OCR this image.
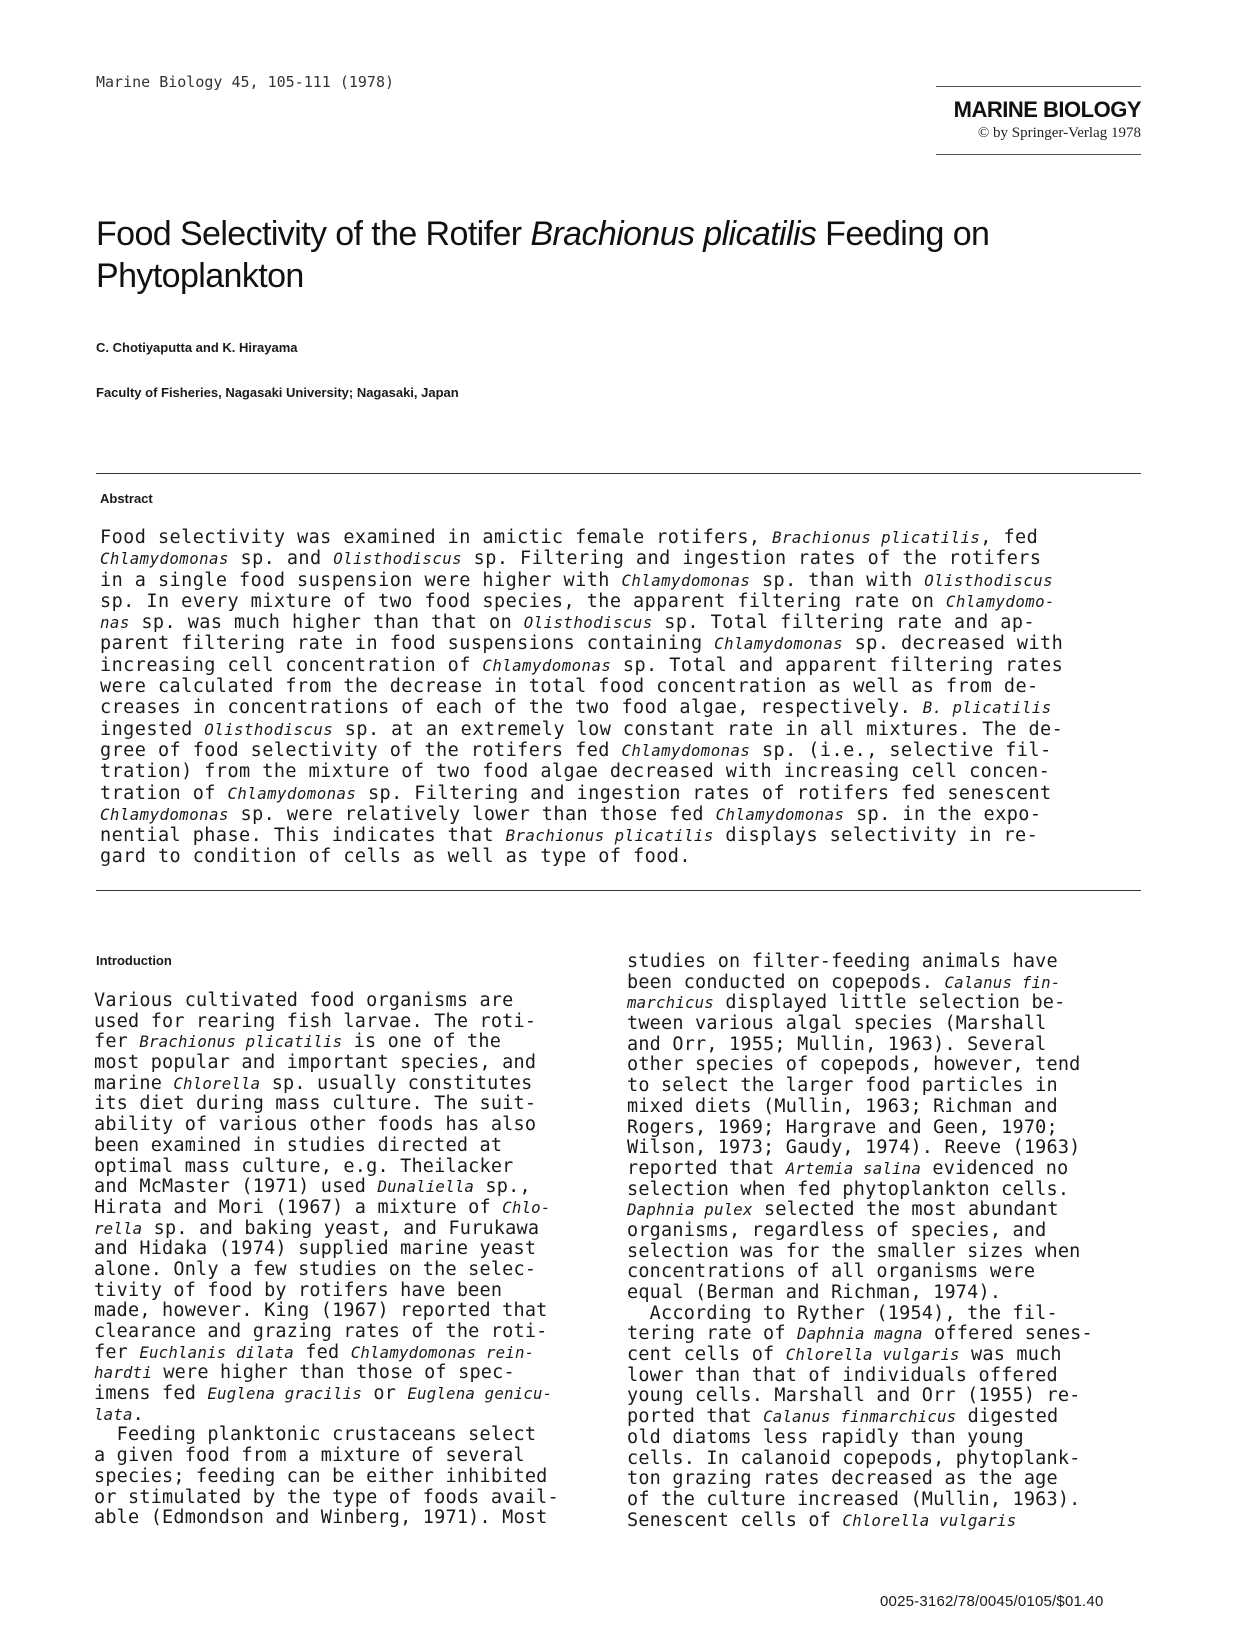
Marine Biology 45, 105-111 (1978)
MARINE BIOLOGY
© by Springer-Verlag 1978
Food Selectivity of the Rotifer Brachionus plicatilis Feeding on Phytoplankton
C. Chotiyaputta and K. Hirayama
Faculty of Fisheries, Nagasaki University; Nagasaki, Japan
Abstract
Food selectivity was examined in amictic female rotifers, Brachionus plicatilis, fed
Chlamydomonas sp. and Olisthodiscus sp. Filtering and ingestion rates of the rotifers
in a single food suspension were higher with Chlamydomonas sp. than with Olisthodiscus
sp. In every mixture of two food species, the apparent filtering rate on Chlamydomo-
nas sp. was much higher than that on Olisthodiscus sp. Total filtering rate and ap-
parent filtering rate in food suspensions containing Chlamydomonas sp. decreased with
increasing cell concentration of Chlamydomonas sp. Total and apparent filtering rates
were calculated from the decrease in total food concentration as well as from de-
creases in concentrations of each of the two food algae, respectively. B. plicatilis
ingested Olisthodiscus sp. at an extremely low constant rate in all mixtures. The de-
gree of food selectivity of the rotifers fed Chlamydomonas sp. (i.e., selective fil-
tration) from the mixture of two food algae decreased with increasing cell concen-
tration of Chlamydomonas sp. Filtering and ingestion rates of rotifers fed senescent
Chlamydomonas sp. were relatively lower than those fed Chlamydomonas sp. in the expo-
nential phase. This indicates that Brachionus plicatilis displays selectivity in re-
gard to condition of cells as well as type of food.
Introduction
Various cultivated food organisms are
used for rearing fish larvae. The roti-
fer Brachionus plicatilis is one of the
most popular and important species, and
marine Chlorella sp. usually constitutes
its diet during mass culture. The suit-
ability of various other foods has also
been examined in studies directed at
optimal mass culture, e.g. Theilacker
and McMaster (1971) used Dunaliella sp.,
Hirata and Mori (1967) a mixture of Chlo-
rella sp. and baking yeast, and Furukawa
and Hidaka (1974) supplied marine yeast
alone. Only a few studies on the selec-
tivity of food by rotifers have been
made, however. King (1967) reported that
clearance and grazing rates of the roti-
fer Euchlanis dilata fed Chlamydomonas rein-
hardti were higher than those of spec-
imens fed Euglena gracilis or Euglena genicu-
lata.
Feeding planktonic crustaceans select
a given food from a mixture of several
species; feeding can be either inhibited
or stimulated by the type of foods avail-
able (Edmondson and Winberg, 1971). Most
studies on filter-feeding animals have
been conducted on copepods. Calanus fin-
marchicus displayed little selection be-
tween various algal species (Marshall
and Orr, 1955; Mullin, 1963). Several
other species of copepods, however, tend
to select the larger food particles in
mixed diets (Mullin, 1963; Richman and
Rogers, 1969; Hargrave and Geen, 1970;
Wilson, 1973; Gaudy, 1974). Reeve (1963)
reported that Artemia salina evidenced no
selection when fed phytoplankton cells.
Daphnia pulex selected the most abundant
organisms, regardless of species, and
selection was for the smaller sizes when
concentrations of all organisms were
equal (Berman and Richman, 1974).
According to Ryther (1954), the fil-
tering rate of Daphnia magna offered senes-
cent cells of Chlorella vulgaris was much
lower than that of individuals offered
young cells. Marshall and Orr (1955) re-
ported that Calanus finmarchicus digested
old diatoms less rapidly than young
cells. In calanoid copepods, phytoplank-
ton grazing rates decreased as the age
of the culture increased (Mullin, 1963).
Senescent cells of Chlorella vulgaris
0025-3162/78/0045/0105/$01.40
